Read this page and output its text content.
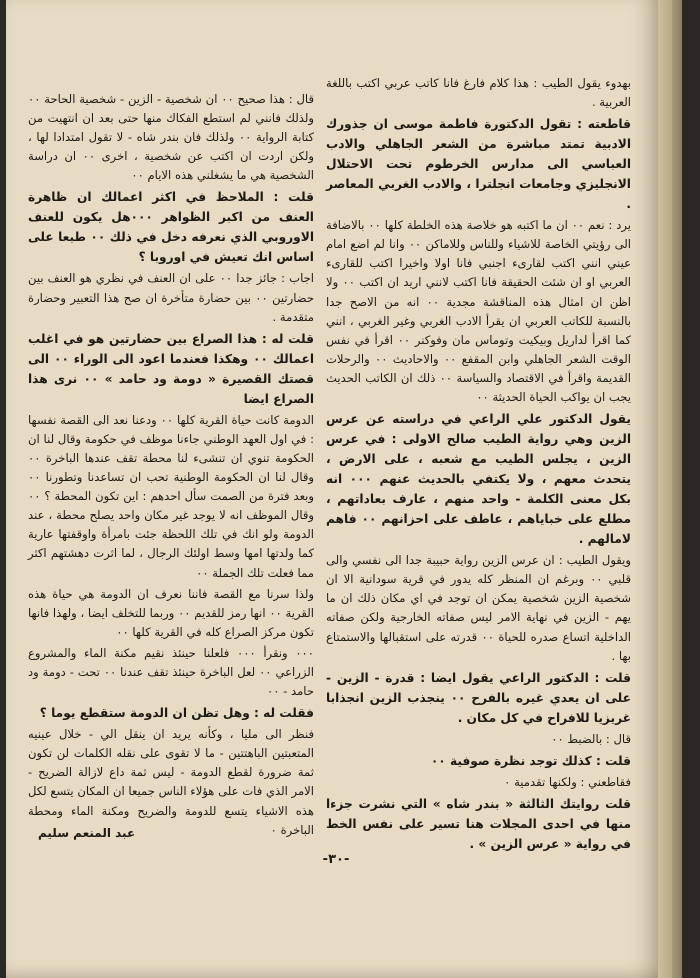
بهدوء يقول الطيب : هذا كلام فارغ فانا كاتب عربي اكتب باللغة العربية .

قاطعته : تقول الدكتورة فاطمة موسى ان جذورك الادبية تمتد مباشرة من الشعر الجاهلي والادب العباسي الى مدارس الخرطوم تحت الاحتلال الانجليزي وجامعات انجلترا ، والادب الغربي المعاصر .

يرد : نعم ٠٠ ان ما اكتبه هو خلاصة هذه الخلطة كلها ٠٠ بالاضافة الى رؤيتي الخاصة للاشياء وللناس وللاماكن ٠٠ وانا لم اضع امام عيني انني اكتب لقارىء اجنبي فانا اولا واخيرا اكتب للقارىء العربي او ان شئت الحقيقة فانا اكتب لانني اريد ان اكتب ٠٠ ولا اظن ان امثال هذه المناقشة مجدية ٠٠ انه من الاصح جدا بالنسبة للكاتب العربي ان يقرأ الادب الغربي وغير الغربي ، انني كما اقرأ لداريل وبيكيت وتوماس مان وفوكنر ٠٠ اقرأ في نفس الوقت الشعر الجاهلي وابن المقفع ٠٠ والاحاديث ٠٠ والرحلات القديمة واقرأ في الاقتصاد والسياسة ٠٠ ذلك ان الكاتب الحديث يجب ان يواكب الحياة الحديثة ٠٠

يقول الدكتور علي الراعي في دراسته عن عرس الزين وهي رواية الطيب صالح الاولى : في عرس الزين ، يجلس الطيب مع شعبه ، على الارض ، يتحدث معهم ، ولا يكتفي بالحديث عنهم ٠٠٠ انه بكل معنى الكلمة - واحد منهم ، عارف بعاداتهم ، مطلع على خباياهم ، عاطف على احزانهم ٠٠ فاهم لامالهم .

ويقول الطيب : ان عرس الزين رواية حبيبة جدا الى نفسي والى قلبي ٠٠ وبرغم ان المنظر كله يدور في قرية سودانية الا ان شخصية الزين شخصية يمكن ان توجد في اي مكان ذلك ان ما يهم - الزين في نهاية الامر ليس صفاته الخارجية ولكن صفاته الداخلية اتساع صدره للحياة ٠٠ قدرته على استقبالها والاستمتاع بها .

قلت : الدكتور الراعي يقول ايضا : قدرة - الزين - على ان يعدي غيره بالفرح ٠٠ ينجذب الزين انجذابا غريزيا للافراح في كل مكان .

قال : بالضبط ٠٠

قلت : كذلك توجد نظرة صوفية ٠٠

فقاطعني : ولكنها تقدمية ٠

قلت روايتك الثالثة « بندر شاه » التي نشرت جزءا منها في احدى المجلات هنا تسير على نفس الخط في رواية « عرس الزين » .

قال : هذا صحيح ٠٠ ان شخصية - الزين - شخصية الحاحة ٠٠ ولذلك فانني لم استطع الفكاك منها حتى بعد ان انتهيت من كتابة الرواية ٠٠ ولذلك فان بندر شاه - لا تقول امتدادا لها ، ولكن اردت ان اكتب عن شخصية ، اخرى ٠٠ ان دراسة الشخصية هي ما يشغلني هذه الايام ٠٠

قلت : الملاحظ في اكثر اعمالك ان ظاهرة العنف من اكبر الظواهر ٠٠٠هل يكون للعنف الاوروبي الذي نعرفه دخل في ذلك ٠٠ طبعا على اساس انك تعيش في اوروبا ؟

اجاب : جائز جدا ٠٠ على ان العنف في نظري هو العنف بين حضارتين ٠٠ بين حضارة متأخرة ان صح هذا التعبير وحضارة متقدمة .

قلت له : هذا الصراع بين حضارتين هو في اغلب اعمالك ٠٠ وهكذا فعندما اعود الى الوراء ٠٠ الى قصتك القصيرة « دومة ود حامد » ٠٠ نرى هذا الصراع ايضا

الدومة كانت حياة القرية كلها ٠٠ ودعنا نعد الى القصة نفسها : في اول العهد الوطني جاءنا موظف في حكومة وقال لنا ان الحكومة تنوي ان تنشىء لنا محطة تقف عندها الباخرة ٠٠ وقال لنا ان الحكومة الوطنية تحب ان تساعدنا وتطورنا ٠٠ وبعد فترة من الصمت سأل احدهم : اين تكون المحطة ؟ ٠٠ وقال الموظف انه لا يوجد غير مكان واحد يصلح محطة ، عند الدومة ولو انك في تلك اللحظة جئت بامرأة واوقفتها عارية كما ولدتها امها وسط اولئك الرجال ، لما اثرت دهشتهم اكثر مما فعلت تلك الجملة ٠٠

ولذا سرنا مع القصة فاننا نعرف ان الدومة هي حياة هذه القرية ٠٠ انها رمز للقديم ٠٠ وربما للتخلف ايضا ، ولهذا فانها تكون مركز الصراع كله في القرية كلها ٠٠

٠٠٠ ونقرأ ٠٠٠ فلعلنا حينئذ نقيم مكنة الماء والمشروع الزراعي ٠٠ لعل الباخرة حينئذ تقف عندنا ٠٠ تحت - دومة ود حامد - ٠٠

فقلت له : وهل تظن ان الدومة ستقطع يوما ؟

فنظر الى مليا ، وكأنه يريد ان ينقل الي - خلال عينيه المتعبتين الباهتتين - ما لا تقوى على نقله الكلمات لن تكون ثمة ضرورة لقطع الدومة - ليس ثمة داع لازالة الضريح - الامر الذي فات على هؤلاء الناس جميعا ان المكان يتسع لكل هذه الاشياء يتسع للدومة والضريح ومكنة الماء ومحطة الباخرة ٠

عبد المنعم سليم
-٣٠-
